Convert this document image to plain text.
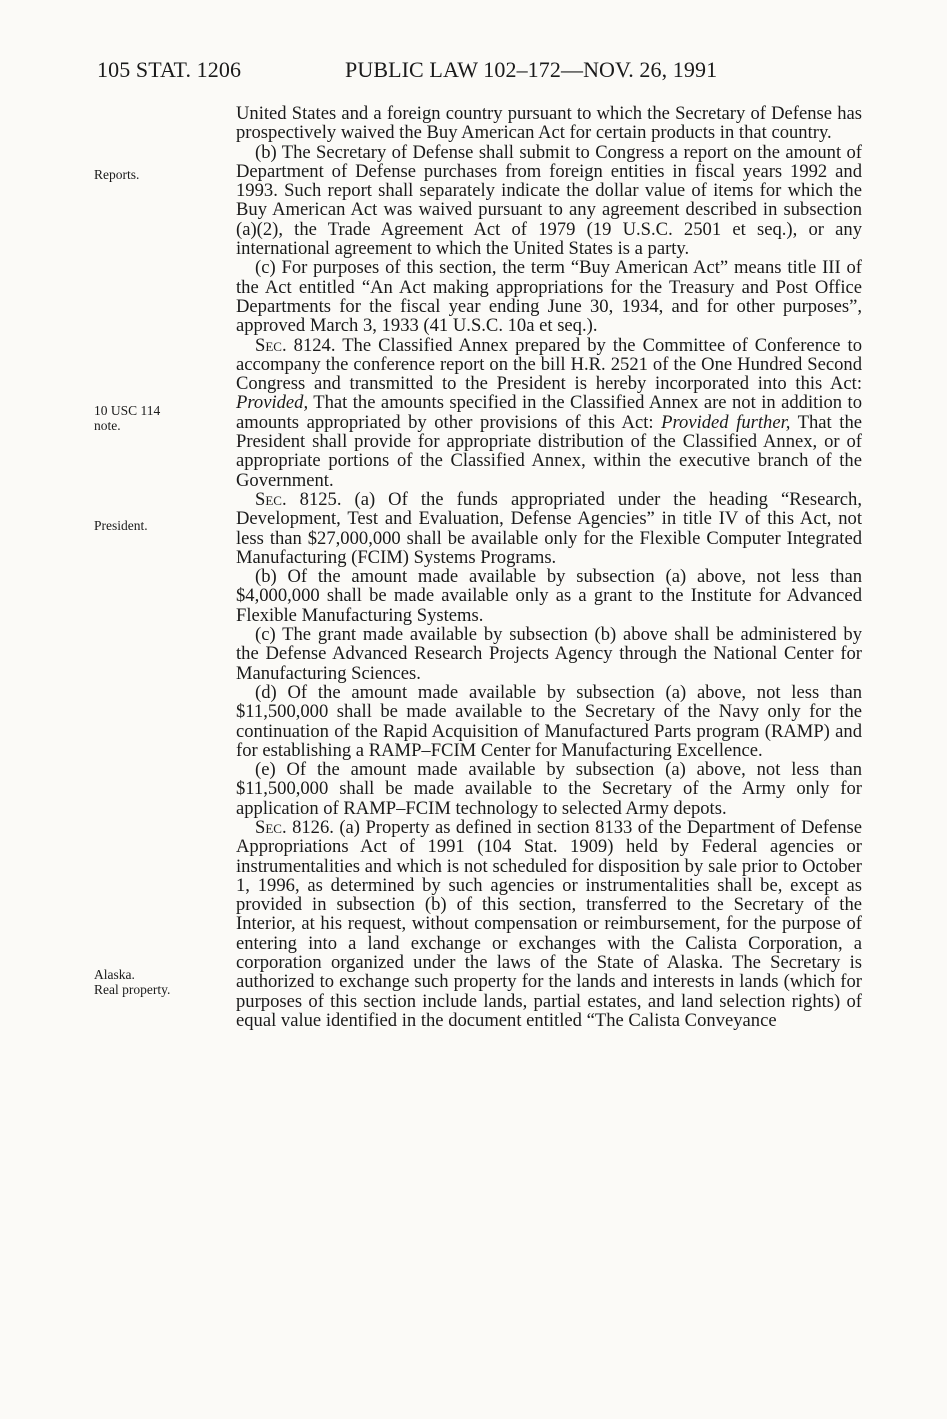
105 STAT. 1206	PUBLIC LAW 102–172—NOV. 26, 1991
Reports.
10 USC 114
note.
President.
Alaska.
Real property.

United States and a foreign country pursuant to which the Secretary of Defense has prospectively waived the Buy American Act for certain products in that country.

(b) The Secretary of Defense shall submit to Congress a report on the amount of Department of Defense purchases from foreign entities in fiscal years 1992 and 1993. Such report shall separately indicate the dollar value of items for which the Buy American Act was waived pursuant to any agreement described in subsection (a)(2), the Trade Agreement Act of 1979 (19 U.S.C. 2501 et seq.), or any international agreement to which the United States is a party.

(c) For purposes of this section, the term “Buy American Act” means title III of the Act entitled “An Act making appropriations for the Treasury and Post Office Departments for the fiscal year ending June 30, 1934, and for other purposes”, approved March 3, 1933 (41 U.S.C. 10a et seq.).

Sec. 8124. The Classified Annex prepared by the Committee of Conference to accompany the conference report on the bill H.R. 2521 of the One Hundred Second Congress and transmitted to the President is hereby incorporated into this Act: Provided, That the amounts specified in the Classified Annex are not in addition to amounts appropriated by other provisions of this Act: Provided further, That the President shall provide for appropriate distribution of the Classified Annex, or of appropriate portions of the Classified Annex, within the executive branch of the Government.

Sec. 8125. (a) Of the funds appropriated under the heading “Research, Development, Test and Evaluation, Defense Agencies” in title IV of this Act, not less than $27,000,000 shall be available only for the Flexible Computer Integrated Manufacturing (FCIM) Systems Programs.

(b) Of the amount made available by subsection (a) above, not less than $4,000,000 shall be made available only as a grant to the Institute for Advanced Flexible Manufacturing Systems.

(c) The grant made available by subsection (b) above shall be administered by the Defense Advanced Research Projects Agency through the National Center for Manufacturing Sciences.

(d) Of the amount made available by subsection (a) above, not less than $11,500,000 shall be made available to the Secretary of the Navy only for the continuation of the Rapid Acquisition of Manufactured Parts program (RAMP) and for establishing a RAMP–FCIM Center for Manufacturing Excellence.

(e) Of the amount made available by subsection (a) above, not less than $11,500,000 shall be made available to the Secretary of the Army only for application of RAMP–FCIM technology to selected Army depots.

Sec. 8126. (a) Property as defined in section 8133 of the Department of Defense Appropriations Act of 1991 (104 Stat. 1909) held by Federal agencies or instrumentalities and which is not scheduled for disposition by sale prior to October 1, 1996, as determined by such agencies or instrumentalities shall be, except as provided in subsection (b) of this section, transferred to the Secretary of the Interior, at his request, without compensation or reimbursement, for the purpose of entering into a land exchange or exchanges with the Calista Corporation, a corporation organized under the laws of the State of Alaska. The Secretary is authorized to exchange such property for the lands and interests in lands (which for purposes of this section include lands, partial estates, and land selection rights) of equal value identified in the document entitled “The Calista Conveyance
